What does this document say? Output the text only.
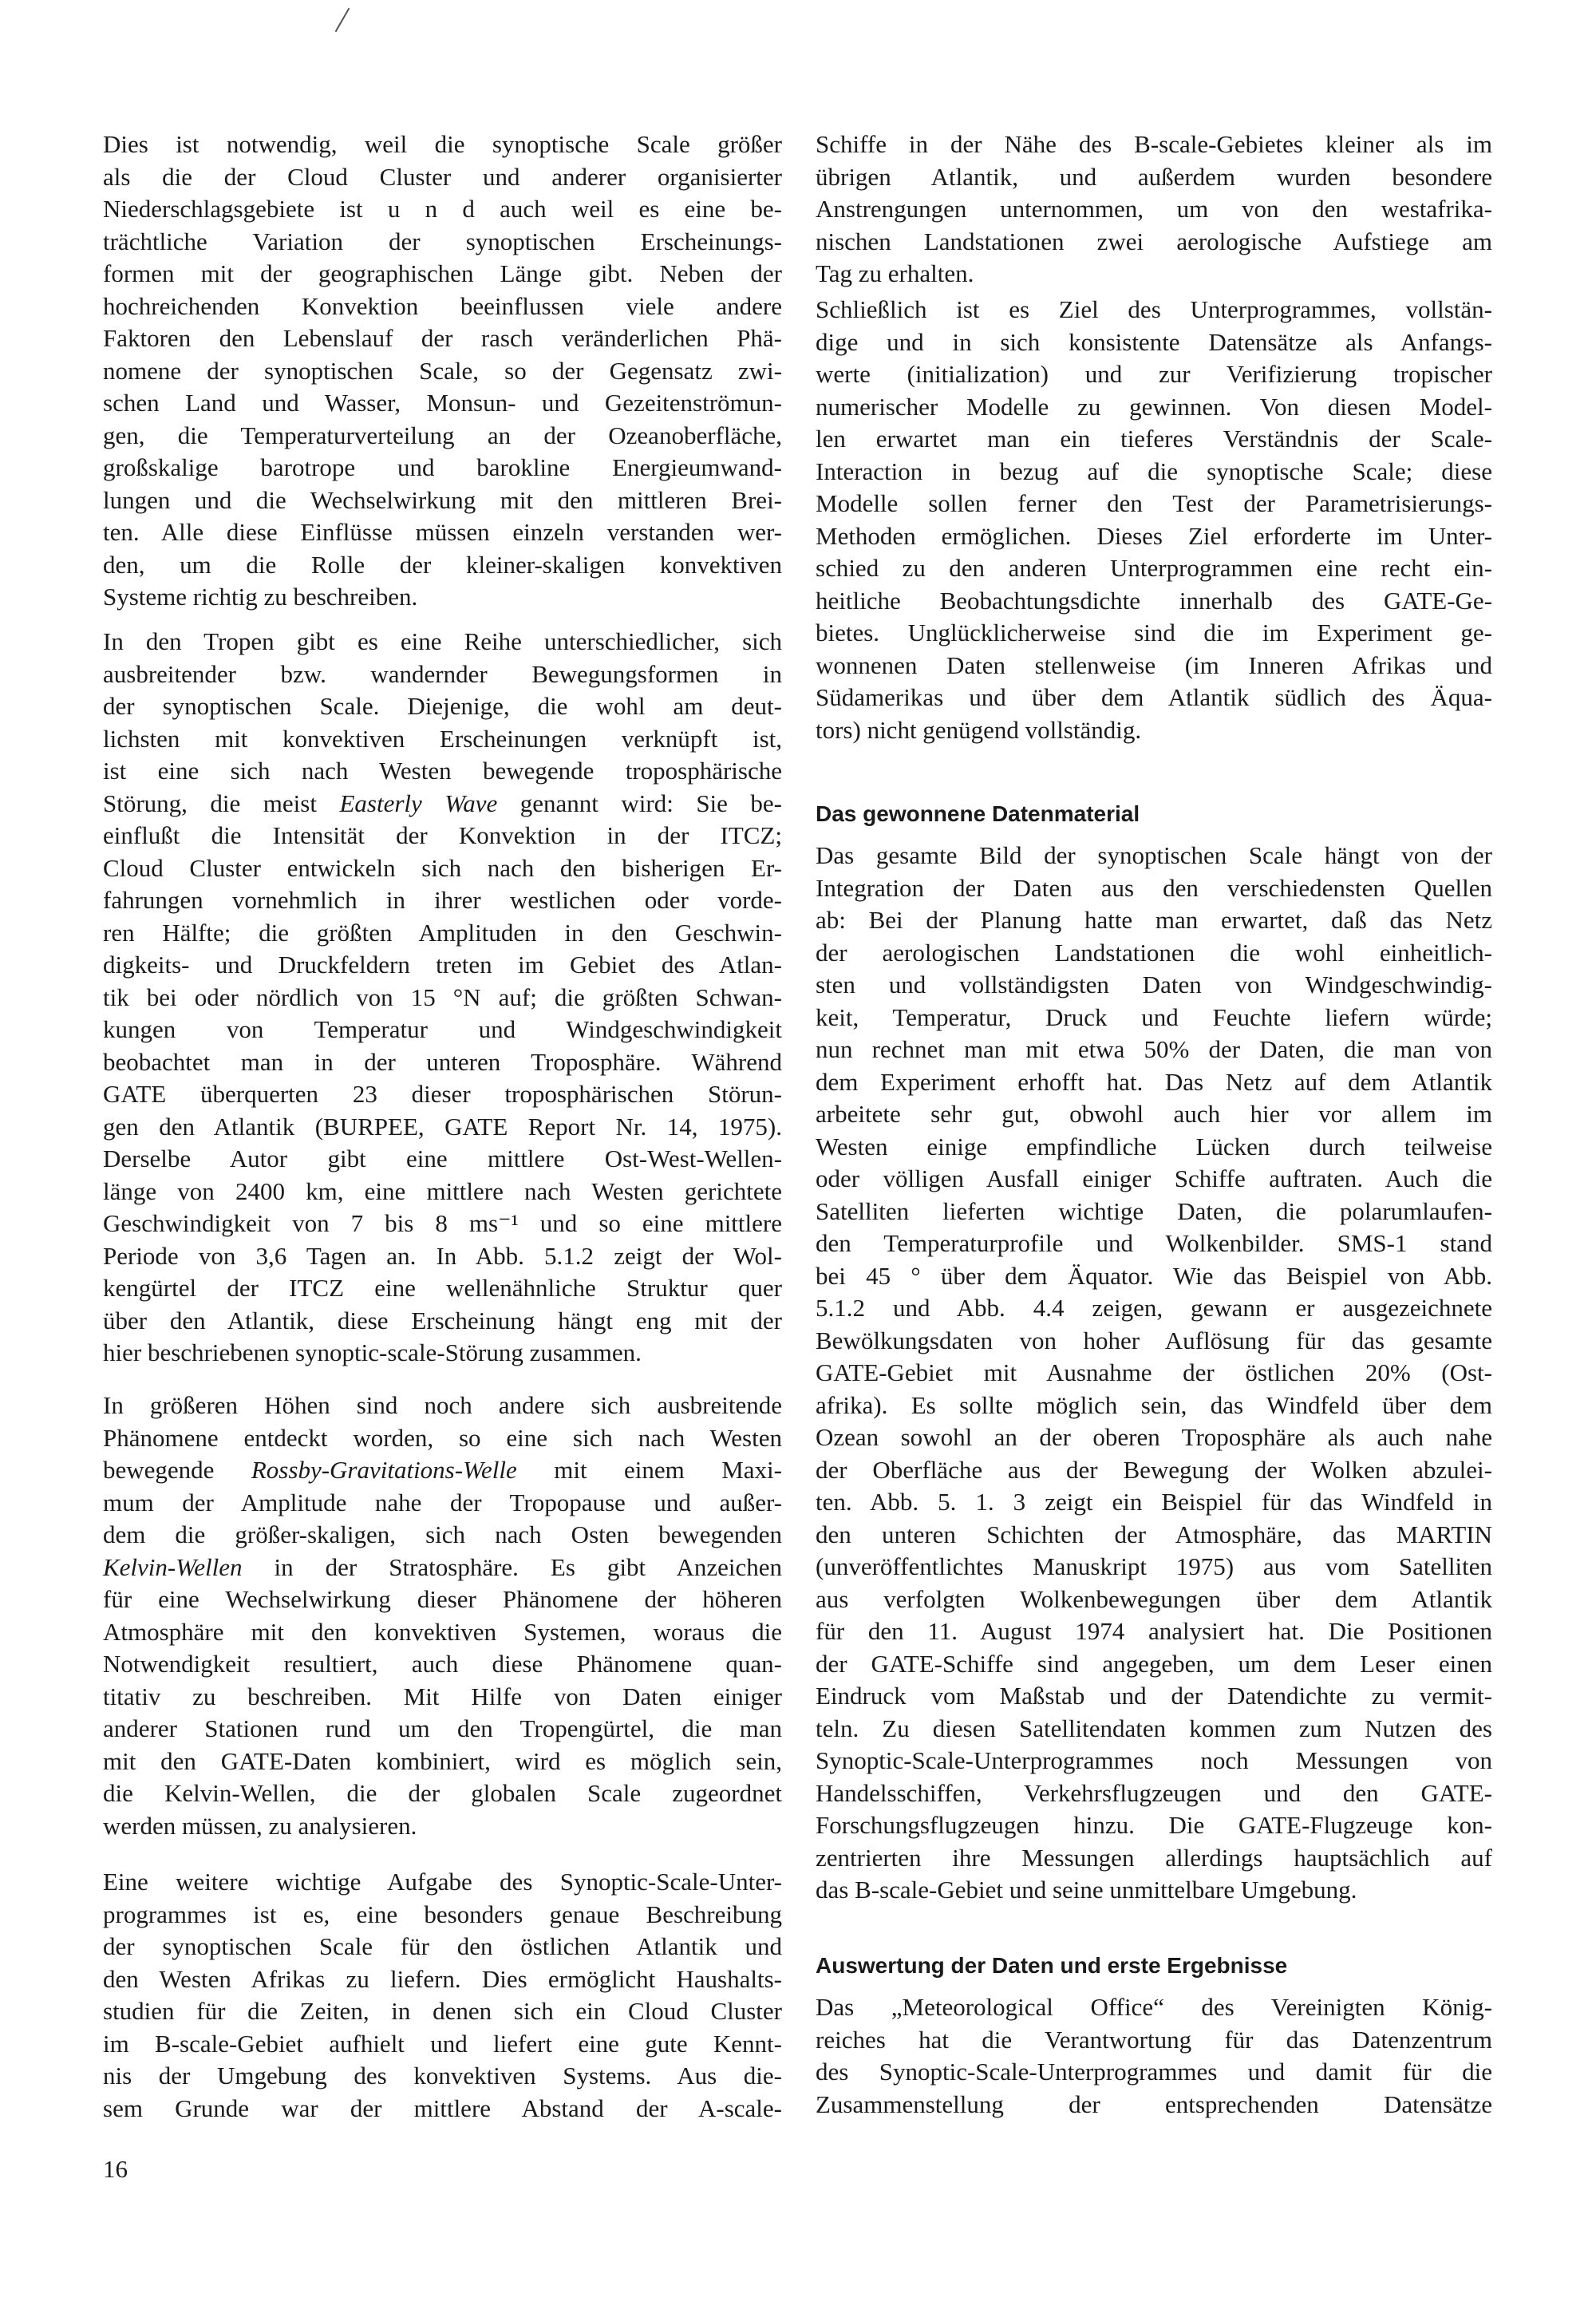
Dies ist notwendig, weil die synoptische Scale größer
als die der Cloud Cluster und anderer organisierter
Niederschlagsgebiete ist u n d auch weil es eine be-
trächtliche Variation der synoptischen Erscheinungs-
formen mit der geographischen Länge gibt. Neben der
hochreichenden Konvektion beeinflussen viele andere
Faktoren den Lebenslauf der rasch veränderlichen Phä-
nomene der synoptischen Scale, so der Gegensatz zwi-
schen Land und Wasser, Monsun- und Gezeitenströmun-
gen, die Temperaturverteilung an der Ozeanoberfläche,
großskalige barotrope und barokline Energieumwand-
lungen und die Wechselwirkung mit den mittleren Brei-
ten. Alle diese Einflüsse müssen einzeln verstanden wer-
den, um die Rolle der kleiner-skaligen konvektiven
Systeme richtig zu beschreiben.
In den Tropen gibt es eine Reihe unterschiedlicher, sich
ausbreitender bzw. wandernder Bewegungsformen in
der synoptischen Scale. Diejenige, die wohl am deut-
lichsten mit konvektiven Erscheinungen verknüpft ist,
ist eine sich nach Westen bewegende troposphärische
Störung, die meist Easterly Wave genannt wird: Sie be-
einflußt die Intensität der Konvektion in der ITCZ;
Cloud Cluster entwickeln sich nach den bisherigen Er-
fahrungen vornehmlich in ihrer westlichen oder vorde-
ren Hälfte; die größten Amplituden in den Geschwin-
digkeits- und Druckfeldern treten im Gebiet des Atlan-
tik bei oder nördlich von 15 °N auf; die größten Schwan-
kungen von Temperatur und Windgeschwindigkeit
beobachtet man in der unteren Troposphäre. Während
GATE überquerten 23 dieser troposphärischen Störun-
gen den Atlantik (BURPEE, GATE Report Nr. 14, 1975).
Derselbe Autor gibt eine mittlere Ost-West-Wellen-
länge von 2400 km, eine mittlere nach Westen gerichtete
Geschwindigkeit von 7 bis 8 ms⁻¹ und so eine mittlere
Periode von 3,6 Tagen an. In Abb. 5.1.2 zeigt der Wol-
kengürtel der ITCZ eine wellenähnliche Struktur quer
über den Atlantik, diese Erscheinung hängt eng mit der
hier beschriebenen synoptic-scale-Störung zusammen.
In größeren Höhen sind noch andere sich ausbreitende
Phänomene entdeckt worden, so eine sich nach Westen
bewegende Rossby-Gravitations-Welle mit einem Maxi-
mum der Amplitude nahe der Tropopause und außer-
dem die größer-skaligen, sich nach Osten bewegenden
Kelvin-Wellen in der Stratosphäre. Es gibt Anzeichen
für eine Wechselwirkung dieser Phänomene der höheren
Atmosphäre mit den konvektiven Systemen, woraus die
Notwendigkeit resultiert, auch diese Phänomene quan-
titativ zu beschreiben. Mit Hilfe von Daten einiger
anderer Stationen rund um den Tropengürtel, die man
mit den GATE-Daten kombiniert, wird es möglich sein,
die Kelvin-Wellen, die der globalen Scale zugeordnet
werden müssen, zu analysieren.
Eine weitere wichtige Aufgabe des Synoptic-Scale-Unter-
programmes ist es, eine besonders genaue Beschreibung
der synoptischen Scale für den östlichen Atlantik und
den Westen Afrikas zu liefern. Dies ermöglicht Haushalts-
studien für die Zeiten, in denen sich ein Cloud Cluster
im B-scale-Gebiet aufhielt und liefert eine gute Kennt-
nis der Umgebung des konvektiven Systems. Aus die-
sem Grunde war der mittlere Abstand der A-scale-
Schiffe in der Nähe des B-scale-Gebietes kleiner als im
übrigen Atlantik, und außerdem wurden besondere
Anstrengungen unternommen, um von den westafrika-
nischen Landstationen zwei aerologische Aufstiege am
Tag zu erhalten.
Schließlich ist es Ziel des Unterprogrammes, vollstän-
dige und in sich konsistente Datensätze als Anfangs-
werte (initialization) und zur Verifizierung tropischer
numerischer Modelle zu gewinnen. Von diesen Model-
len erwartet man ein tieferes Verständnis der Scale-
Interaction in bezug auf die synoptische Scale; diese
Modelle sollen ferner den Test der Parametrisierungs-
Methoden ermöglichen. Dieses Ziel erforderte im Unter-
schied zu den anderen Unterprogrammen eine recht ein-
heitliche Beobachtungsdichte innerhalb des GATE-Ge-
bietes. Unglücklicherweise sind die im Experiment ge-
wonnenen Daten stellenweise (im Inneren Afrikas und
Südamerikas und über dem Atlantik südlich des Äqua-
tors) nicht genügend vollständig.
Das gewonnene Datenmaterial
Das gesamte Bild der synoptischen Scale hängt von der
Integration der Daten aus den verschiedensten Quellen
ab: Bei der Planung hatte man erwartet, daß das Netz
der aerologischen Landstationen die wohl einheitlich-
sten und vollständigsten Daten von Windgeschwindig-
keit, Temperatur, Druck und Feuchte liefern würde;
nun rechnet man mit etwa 50% der Daten, die man von
dem Experiment erhofft hat. Das Netz auf dem Atlantik
arbeitete sehr gut, obwohl auch hier vor allem im
Westen einige empfindliche Lücken durch teilweise
oder völligen Ausfall einiger Schiffe auftraten. Auch die
Satelliten lieferten wichtige Daten, die polarumlaufen-
den Temperaturprofile und Wolkenbilder. SMS-1 stand
bei 45 ° über dem Äquator. Wie das Beispiel von Abb.
5.1.2 und Abb. 4.4 zeigen, gewann er ausgezeichnete
Bewölkungsdaten von hoher Auflösung für das gesamte
GATE-Gebiet mit Ausnahme der östlichen 20% (Ost-
afrika). Es sollte möglich sein, das Windfeld über dem
Ozean sowohl an der oberen Troposphäre als auch nahe
der Oberfläche aus der Bewegung der Wolken abzulei-
ten. Abb. 5. 1. 3 zeigt ein Beispiel für das Windfeld in
den unteren Schichten der Atmosphäre, das MARTIN
(unveröffentlichtes Manuskript 1975) aus vom Satelliten
aus verfolgten Wolkenbewegungen über dem Atlantik
für den 11. August 1974 analysiert hat. Die Positionen
der GATE-Schiffe sind angegeben, um dem Leser einen
Eindruck vom Maßstab und der Datendichte zu vermit-
teln. Zu diesen Satellitendaten kommen zum Nutzen des
Synoptic-Scale-Unterprogrammes noch Messungen von
Handelsschiffen, Verkehrsflugzeugen und den GATE-
Forschungsflugzeugen hinzu. Die GATE-Flugzeuge kon-
zentrierten ihre Messungen allerdings hauptsächlich auf
das B-scale-Gebiet und seine unmittelbare Umgebung.
Auswertung der Daten und erste Ergebnisse
Das „Meteorological Office“ des Vereinigten König-
reiches hat die Verantwortung für das Datenzentrum
des Synoptic-Scale-Unterprogrammes und damit für die
Zusammenstellung der entsprechenden Datensätze
16
